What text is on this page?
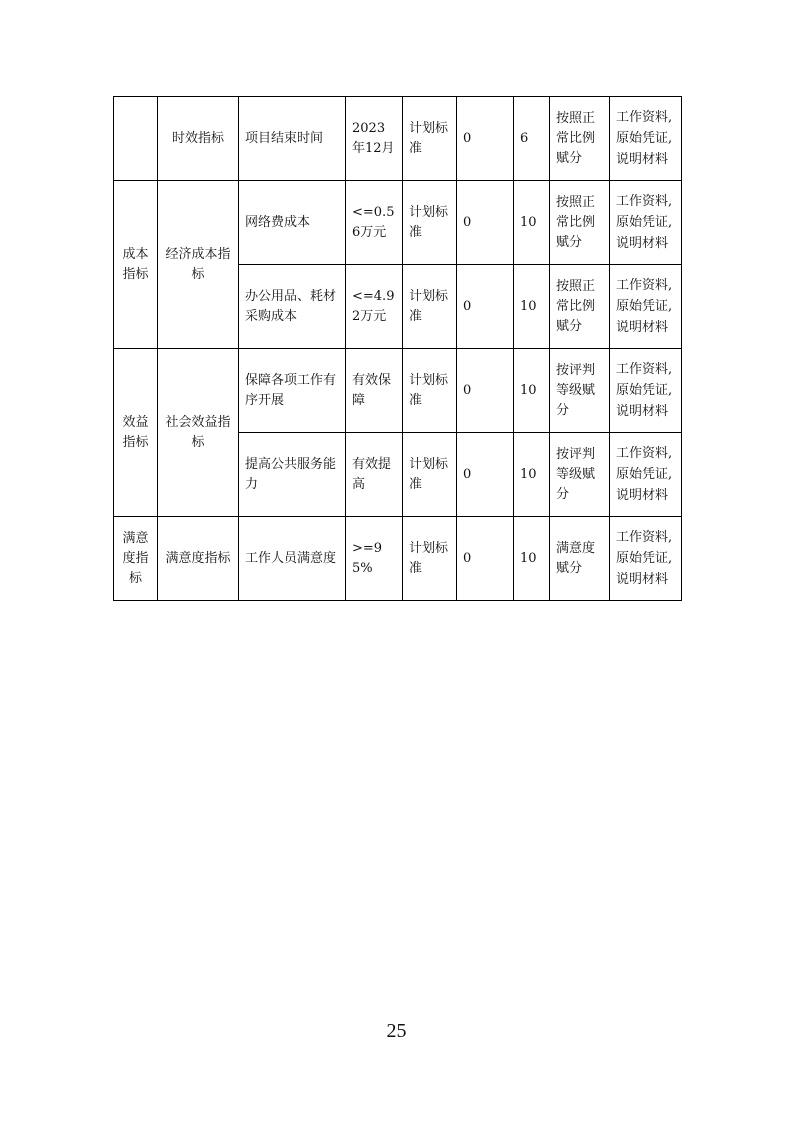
	时效指标	项目结束时间	2023年12月	计划标准	0	6	按照正常比例赋分	工作资料,原始凭证,说明材料
成本指标	经济成本指标	网络费成本	<=0.56万元	计划标准	0	10	按照正常比例赋分	工作资料,原始凭证,说明材料
		办公用品、耗材采购成本	<=4.92万元	计划标准	0	10	按照正常比例赋分	工作资料,原始凭证,说明材料
效益指标	社会效益指标	保障各项工作有序开展	有效保障	计划标准	0	10	按评判等级赋分	工作资料,原始凭证,说明材料
		提高公共服务能力	有效提高	计划标准	0	10	按评判等级赋分	工作资料,原始凭证,说明材料
满意度指标	满意度指标	工作人员满意度	>=95%	计划标准	0	10	满意度赋分	工作资料,原始凭证,说明材料
25
